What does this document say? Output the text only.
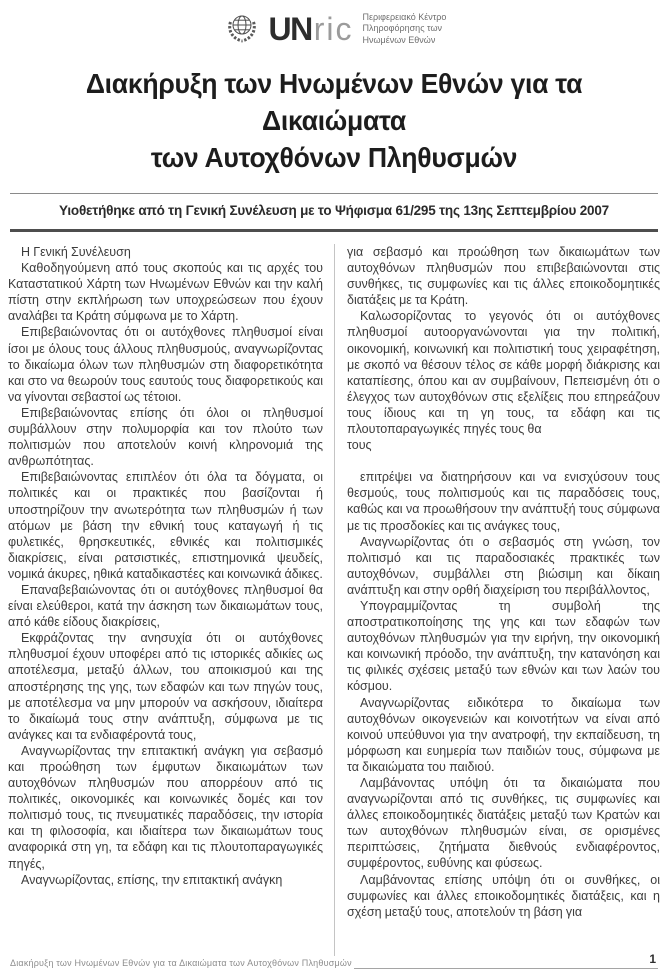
UNric Περιφερειακό Κέντρο
Πληροφόρησης των
Ηνωμένων Εθνών
Διακήρυξη των Ηνωμένων Εθνών για τα Δικαιώματα
των Αυτοχθόνων Πληθυσμών
Υιοθετήθηκε από τη Γενική Συνέλευση με το Ψήφισμα 61/295 της 13ης Σεπτεμβρίου 2007

Η Γενική Συνέλευση

Καθοδηγούμενη από τους σκοπούς και τις αρχές του Καταστατικού Χάρτη των Ηνωμένων Εθνών και την καλή πίστη στην εκπλήρωση των υποχρεώσεων που έχουν αναλάβει τα Κράτη σύμφωνα με το Χάρτη.

Επιβεβαιώνοντας ότι οι αυτόχθονες πληθυσμοί είναι ίσοι με όλους τους άλλους πληθυσμούς, αναγνωρίζοντας το δικαίωμα όλων των πληθυσμών στη διαφορετικότητα και στο να θεωρούν τους εαυτούς τους διαφορετικούς και να γίνονται σεβαστοί ως τέτοιοι.

Επιβεβαιώνοντας επίσης ότι όλοι οι πληθυσμοί συμβάλλουν στην πολυμορφία και τον πλούτο των πολιτισμών που αποτελούν κοινή κληρονομιά της ανθρωπότητας.

Επιβεβαιώνοντας επιπλέον ότι όλα τα δόγματα, οι πολιτικές και οι πρακτικές που βασίζονται ή υποστηρίζουν την ανωτερότητα των πληθυσμών ή των ατόμων με βάση την εθνική τους καταγωγή ή τις φυλετικές, θρησκευτικές, εθνικές και πολιτισμικές διακρίσεις, είναι ρατσιστικές, επιστημονικά ψευδείς, νομικά άκυρες, ηθικά καταδικαστέες και κοινωνικά άδικες.

Επαναβεβαιώνοντας ότι οι αυτόχθονες πληθυσμοί θα είναι ελεύθεροι, κατά την άσκηση των δικαιωμάτων τους, από κάθε είδους διακρίσεις,

Εκφράζοντας την ανησυχία ότι οι αυτόχθονες πληθυσμοί έχουν υποφέρει από τις ιστορικές αδικίες ως αποτέλεσμα, μεταξύ άλλων, του αποικισμού και της αποστέρησης της γης, των εδαφών και των πηγών τους, με αποτέλεσμα να μην μπορούν να ασκήσουν, ιδιαίτερα το δικαίωμά τους στην ανάπτυξη, σύμφωνα με τις ανάγκες και τα ενδιαφέροντά τους,

Αναγνωρίζοντας την επιτακτική ανάγκη για σεβασμό και προώθηση των έμφυτων δικαιωμάτων των αυτοχθόνων πληθυσμών που απορρέουν από τις πολιτικές, οικονομικές και κοινωνικές δομές και τον πολιτισμό τους, τις πνευματικές παραδόσεις, την ιστορία και τη φιλοσοφία, και ιδιαίτερα των δικαιωμάτων τους αναφορικά στη γη, τα εδάφη και τις πλουτοπαραγωγικές πηγές,

Αναγνωρίζοντας, επίσης, την επιτακτική ανάγκη

για σεβασμό και προώθηση των δικαιωμάτων των αυτοχθόνων πληθυσμών που επιβεβαιώνονται στις συνθήκες, τις συμφωνίες και τις άλλες εποικοδομητικές διατάξεις με τα Κράτη.

Καλωσορίζοντας το γεγονός ότι οι αυτόχθονες πληθυσμοί αυτοοργανώνονται για την πολιτική, οικονομική, κοινωνική και πολιτιστική τους χειραφέτηση, με σκοπό να θέσουν τέλος σε κάθε μορφή διάκρισης και καταπίεσης, όπου και αν συμβαίνουν, Πεπεισμένη ότι ο έλεγχος των αυτοχθόνων στις εξελίξεις που επηρεάζουν τους ίδιους και τη γη τους, τα εδάφη και τις πλουτοπαραγωγικές πηγές τους θα

τους

επιτρέψει να διατηρήσουν και να ενισχύσουν τους θεσμούς, τους πολιτισμούς και τις παραδόσεις τους, καθώς και να προωθήσουν την ανάπτυξή τους σύμφωνα με τις προσδοκίες και τις ανάγκες τους,

Αναγνωρίζοντας ότι ο σεβασμός στη γνώση, τον πολιτισμό και τις παραδοσιακές πρακτικές των αυτοχθόνων, συμβάλλει στη βιώσιμη και δίκαιη ανάπτυξη και στην ορθή διαχείριση του περιβάλλοντος,

Υπογραμμίζοντας τη συμβολή της αποστρατικοποίησης της γης και των εδαφών των αυτοχθόνων πληθυσμών για την ειρήνη, την οικονομική και κοινωνική πρόοδο, την ανάπτυξη, την κατανόηση και τις φιλικές σχέσεις μεταξύ των εθνών και των λαών του κόσμου.

Αναγνωρίζοντας ειδικότερα το δικαίωμα των αυτοχθόνων οικογενειών και κοινοτήτων να είναι από κοινού υπεύθυνοι για την ανατροφή, την εκπαίδευση, τη μόρφωση και ευημερία των παιδιών τους, σύμφωνα με τα δικαιώματα του παιδιού.

Λαμβάνοντας υπόψη ότι τα δικαιώματα που αναγνωρίζονται από τις συνθήκες, τις συμφωνίες και άλλες εποικοδομητικές διατάξεις μεταξύ των Κρατών και των αυτοχθόνων πληθυσμών είναι, σε ορισμένες περιπτώσεις, ζητήματα διεθνούς ενδιαφέροντος, συμφέροντος, ευθύνης και φύσεως.

Λαμβάνοντας επίσης υπόψη ότι οι συνθήκες, οι συμφωνίες και άλλες εποικοδομητικές διατάξεις, και η σχέση μεταξύ τους, αποτελούν τη βάση για

Διακήρυξη των Ηνωμένων Εθνών για τα Δικαιώματα των Αυτοχθόνων Πληθυσμών	1
